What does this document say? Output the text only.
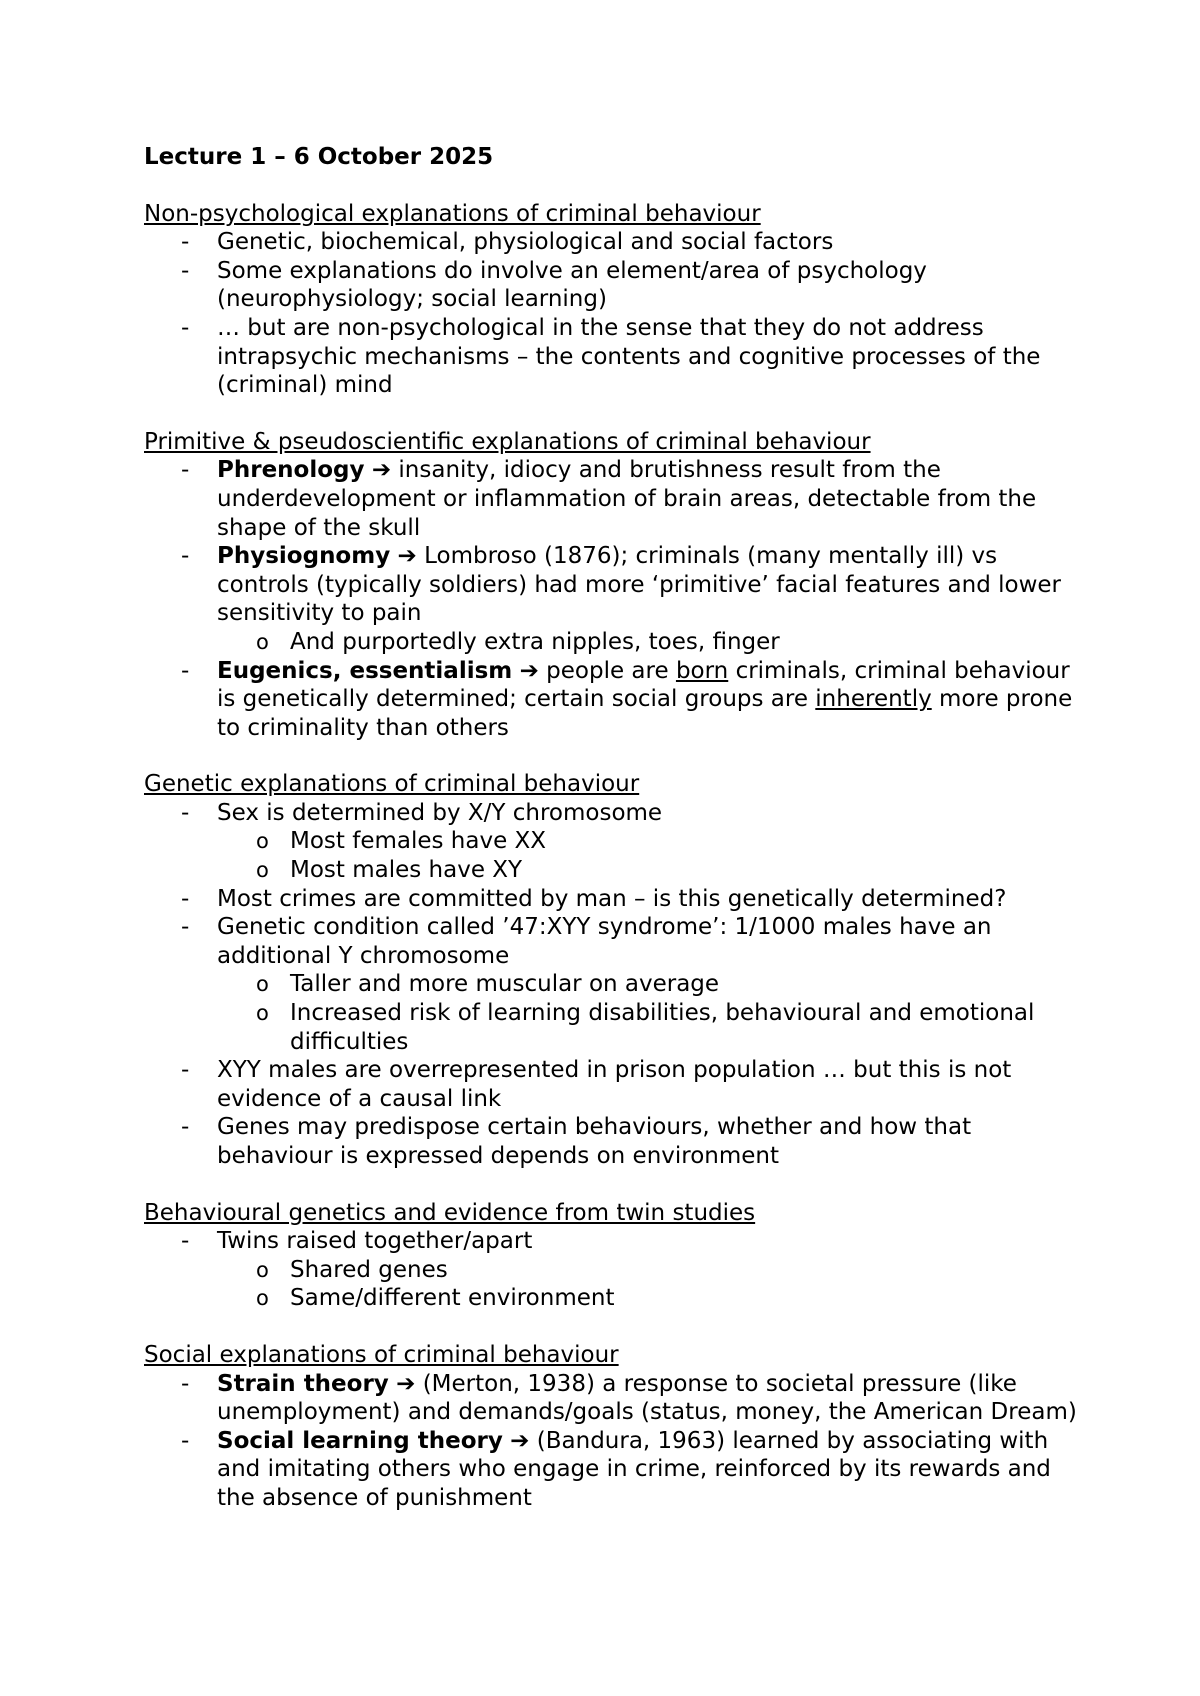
Lecture 1 – 6 October 2025
Non-psychological explanations of criminal behaviour
- Genetic, biochemical, physiological and social factors
- Some explanations do involve an element/area of psychology (neurophysiology; social learning)
- … but are non-psychological in the sense that they do not address intrapsychic mechanisms – the contents and cognitive processes of the (criminal) mind
Primitive & pseudoscientific explanations of criminal behaviour
- Phrenology ➔ insanity, idiocy and brutishness result from the underdevelopment or inflammation of brain areas, detectable from the shape of the skull
- Physiognomy ➔ Lombroso (1876); criminals (many mentally ill) vs controls (typically soldiers) had more ‘primitive’ facial features and lower sensitivity to pain
o And purportedly extra nipples, toes, finger
- Eugenics, essentialism ➔ people are born criminals, criminal behaviour is genetically determined; certain social groups are inherently more prone to criminality than others
Genetic explanations of criminal behaviour
- Sex is determined by X/Y chromosome
o Most females have XX
o Most males have XY
- Most crimes are committed by man – is this genetically determined?
- Genetic condition called ’47:XYY syndrome’: 1/1000 males have an additional Y chromosome
o Taller and more muscular on average
o Increased risk of learning disabilities, behavioural and emotional difficulties
- XYY males are overrepresented in prison population … but this is not evidence of a causal link
- Genes may predispose certain behaviours, whether and how that behaviour is expressed depends on environment
Behavioural genetics and evidence from twin studies
- Twins raised together/apart
o Shared genes
o Same/different environment
Social explanations of criminal behaviour
- Strain theory ➔ (Merton, 1938) a response to societal pressure (like unemployment) and demands/goals (status, money, the American Dream)
- Social learning theory ➔ (Bandura, 1963) learned by associating with and imitating others who engage in crime, reinforced by its rewards and the absence of punishment
